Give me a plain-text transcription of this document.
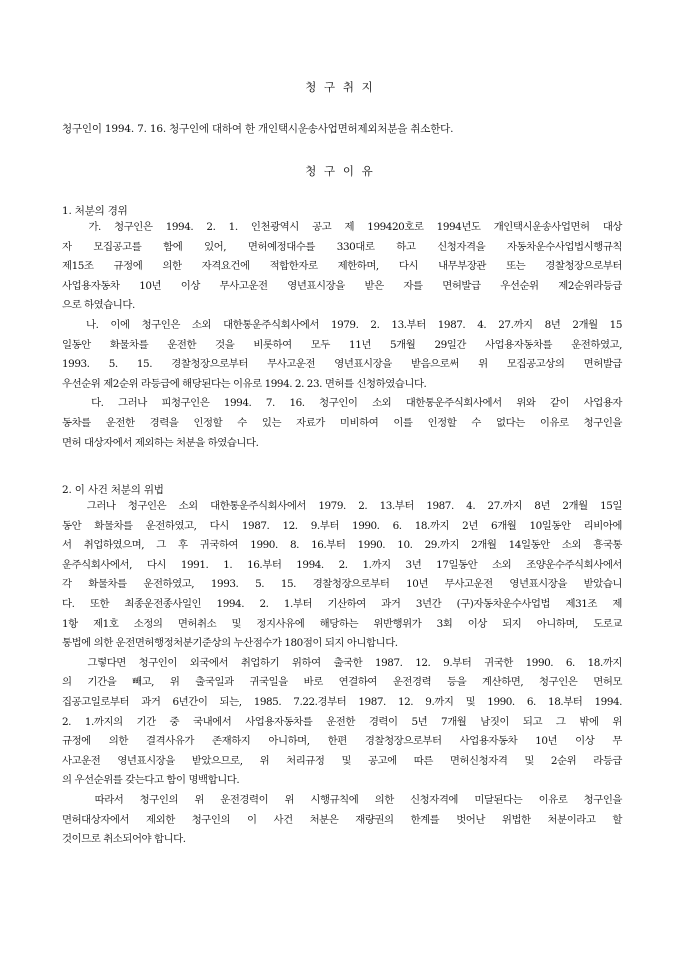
청 구 취 지
청구인이 1994. 7. 16. 청구인에 대하여 한 개인택시운송사업면허제외처분을 취소한다.
청 구 이 유
1. 처분의 경위
가. 청구인은 1994. 2. 1. 인천광역시 공고 제 199420호로 1994년도 개인택시운송사업면허 대상
자 모집공고를 함에 있어, 면허예정대수를 330대로 하고 신청자격을 자동차운수사업법시행규칙
제15조 규정에 의한 자격요건에 적합한자로 제한하며, 다시 내무부장관 또는 경찰청장으로부터
사업용자동차 10년 이상 무사고운전 영년표시장을 받은 자를 면허발급 우선순위 제2순위라등급
으로 하였습니다.
나. 이에 청구인은 소외 대한통운주식회사에서 1979. 2. 13.부터 1987. 4. 27.까지 8년 2개월 15
일동안 화물차를 운전한 것을 비롯하여 모두 11년 5개월 29일간 사업용자동차를 운전하였고,
1993. 5. 15. 경찰청장으로부터 무사고운전 영년표시장을 받음으로써 위 모집공고상의 면허발급
우선순위 제2순위 라등급에 해당된다는 이유로 1994. 2. 23. 면허를 신청하였습니다.
다. 그러나 피청구인은 1994. 7. 16. 청구인이 소외 대한통운주식회사에서 위와 같이 사업용자
동차를 운전한 경력을 인정할 수 있는 자료가 미비하여 이를 인정할 수 없다는 이유로 청구인을
면허 대상자에서 제외하는 처분을 하였습니다.
2. 이 사건 처분의 위법
그러나 청구인은 소외 대한통운주식회사에서 1979. 2. 13.부터 1987. 4. 27.까지 8년 2개월 15일
동안 화물차를 운전하였고, 다시 1987. 12. 9.부터 1990. 6. 18.까지 2년 6개월 10일동안 리비아에
서 취업하였으며, 그 후 귀국하여 1990. 8. 16.부터 1990. 10. 29.까지 2개월 14일동안 소외 흥국통
운주식회사에서, 다시 1991. 1. 16.부터 1994. 2. 1.까지 3년 17일동안 소외 조양운수주식회사에서
각 화물차를 운전하였고, 1993. 5. 15. 경찰청장으로부터 10년 무사고운전 영년표시장을 받았습니
다. 또한 최종운전종사일인 1994. 2. 1.부터 기산하여 과거 3년간 (구)자동차운수사업법 제31조 제
1항 제1호 소정의 면허취소 및 정지사유에 해당하는 위반행위가 3회 이상 되지 아니하며, 도로교
통법에 의한 운전면허행정처분기준상의 누산점수가 180점이 되지 아니합니다.
그렇다면 청구인이 외국에서 취업하기 위하여 출국한 1987. 12. 9.부터 귀국한 1990. 6. 18.까지
의 기간을 빼고, 위 출국일과 귀국일을 바로 연결하여 운전경력 등을 계산하면, 청구인은 면허모
집공고일로부터 과거 6년간이 되는, 1985. 7.22.경부터 1987. 12. 9.까지 및 1990. 6. 18.부터 1994.
2. 1.까지의 기간 중 국내에서 사업용자동차를 운전한 경력이 5년 7개월 남짓이 되고 그 밖에 위
규정에 의한 결격사유가 존재하지 아니하며, 한편 경찰청장으로부터 사업용자동차 10년 이상 무
사고운전 영년표시장을 받았으므로, 위 처리규정 및 공고에 따른 면허신청자격 및 2순위 라등급
의 우선순위를 갖는다고 함이 명백합니다.
따라서 청구인의 위 운전경력이 위 시행규칙에 의한 신청자격에 미달된다는 이유로 청구인을
면허대상자에서 제외한 청구인의 이 사건 처분은 재량권의 한계를 벗어난 위법한 처분이라고 할
것이므로 취소되어야 합니다.
